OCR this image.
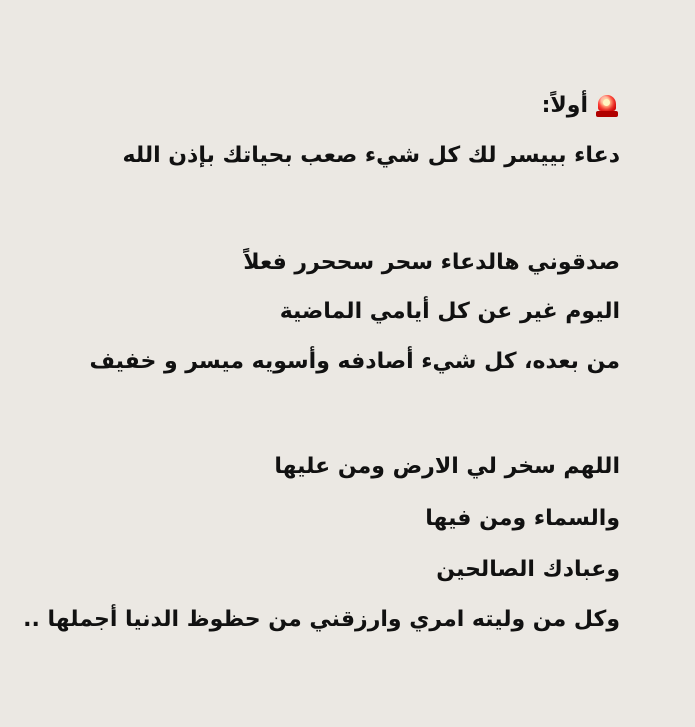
أولاً:
دعاء بييسر لك كل شيء صعب بحياتك بإذن الله
صدقوني هالدعاء سحر سححرر فعلاً
اليوم غير عن كل أيامي الماضية
من بعده، كل شيء أصادفه وأسويه ميسر و خفيف
اللهم سخر لي الارض ومن عليها
والسماء ومن فيها
وعبادك الصالحين
وكل من وليته امري وارزقني من حظوظ الدنيا أجملها ..
